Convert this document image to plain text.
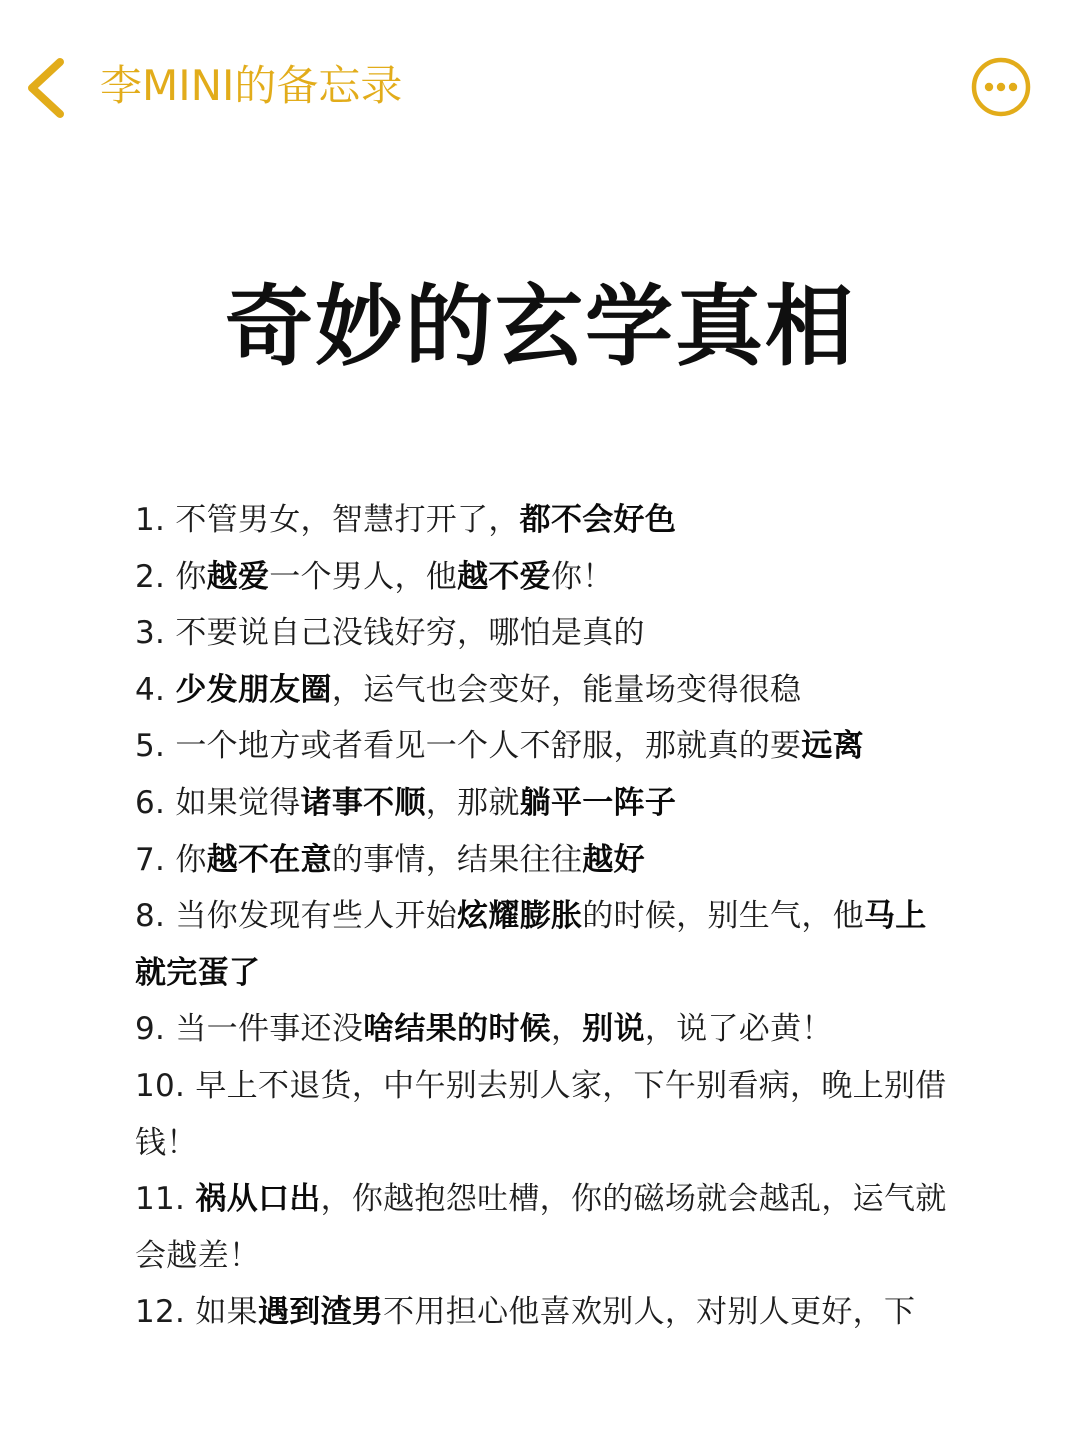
李MINI的备忘录
奇妙的玄学真相
1. 不管男女，智慧打开了，都不会好色
2. 你越爱一个男人，他越不爱你！
3. 不要说自己没钱好穷，哪怕是真的
4. 少发朋友圈，运气也会变好，能量场变得很稳
5. 一个地方或者看见一个人不舒服，那就真的要远离
6. 如果觉得诸事不顺，那就躺平一阵子
7. 你越不在意的事情，结果往往越好
8. 当你发现有些人开始炫耀膨胀的时候，别生气，他马上就完蛋了
9. 当一件事还没啥结果的时候，别说，说了必黄！
10. 早上不退货，中午别去别人家，下午别看病，晚上别借钱！
11. 祸从口出，你越抱怨吐槽，你的磁场就会越乱，运气就会越差！
12. 如果遇到渣男不用担心他喜欢别人，对别人更好，下
